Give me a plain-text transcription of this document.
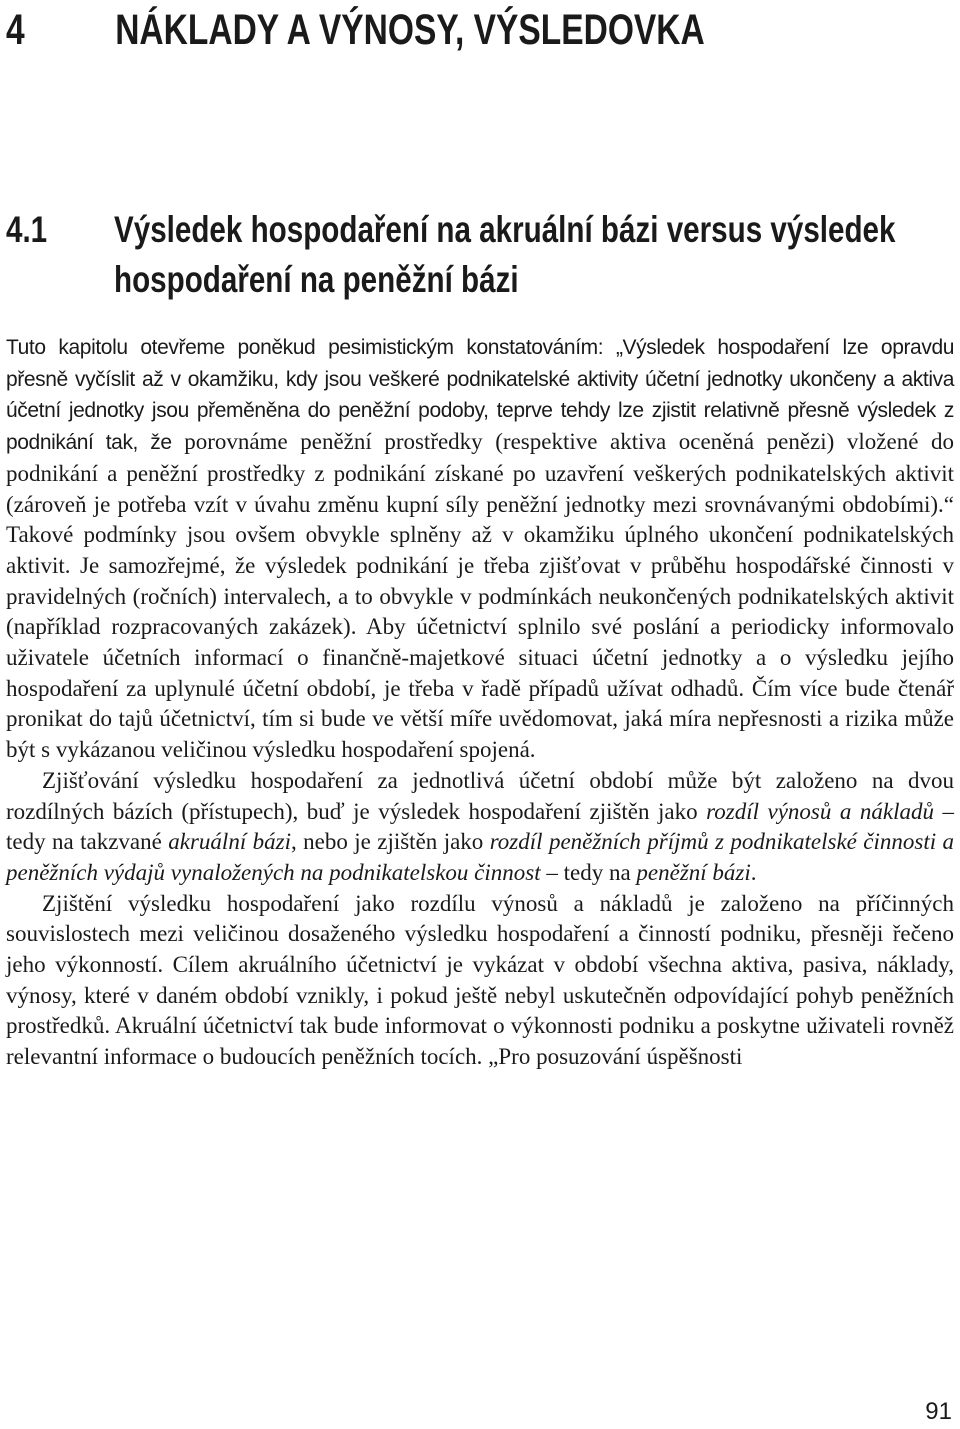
4 NÁKLADY A VÝNOSY, VÝSLEDOVKA
4.1 Výsledek hospodaření na akruální bázi versus výsledek hospodaření na peněžní bázi

Tuto kapitolu otevřeme poněkud pesimistickým konstatováním: „Výsledek hospodaření lze opravdu přesně vyčíslit až v okamžiku, kdy jsou veškeré podnikatelské aktivity účetní jednotky ukončeny a aktiva účetní jednotky jsou přeměněna do peněžní podoby, teprve tehdy lze zjistit relativně přesně výsledek z podnikání tak, že porovnáme peněžní prostředky (respektive aktiva oceněná penězi) vložené do podnikání a peněžní prostředky z podnikání získané po uzavření veškerých podnikatelských aktivit (zároveň je potřeba vzít v úvahu změnu kupní síly peněžní jednotky mezi srovnávanými obdobími).“ Takové podmínky jsou ovšem obvykle splněny až v okamžiku úplného ukončení podnikatelských aktivit. Je samozřejmé, že výsledek podnikání je třeba zjišťovat v průběhu hospodářské činnosti v pravidelných (ročních) intervalech, a to obvykle v podmínkách neukončených podnikatelských aktivit (například rozpracovaných zakázek). Aby účetnictví splnilo své poslání a periodicky informovalo uživatele účetních informací o finančně-majetkové situaci účetní jednotky a o výsledku jejího hospodaření za uplynulé účetní období, je třeba v řadě případů užívat odhadů. Čím více bude čtenář pronikat do tajů účetnictví, tím si bude ve větší míře uvědomovat, jaká míra nepřesnosti a rizika může být s vykázanou veličinou výsledku hospodaření spojená.

Zjišťování výsledku hospodaření za jednotlivá účetní období může být založeno na dvou rozdílných bázích (přístupech), buď je výsledek hospodaření zjištěn jako rozdíl výnosů a nákladů – tedy na takzvané akruální bázi, nebo je zjištěn jako rozdíl peněžních příjmů z podnikatelské činnosti a peněžních výdajů vynaložených na podnikatelskou činnost – tedy na peněžní bázi.

Zjištění výsledku hospodaření jako rozdílu výnosů a nákladů je založeno na příčinných souvislostech mezi veličinou dosaženého výsledku hospodaření a činností podniku, přesněji řečeno jeho výkonností. Cílem akruálního účetnictví je vykázat v období všechna aktiva, pasiva, náklady, výnosy, které v daném období vznikly, i pokud ještě nebyl uskutečněn odpovídající pohyb peněžních prostředků. Akruální účetnictví tak bude informovat o výkonnosti podniku a poskytne uživateli rovněž relevantní informace o budoucích peněžních tocích. „Pro posuzování úspěšnosti

91
